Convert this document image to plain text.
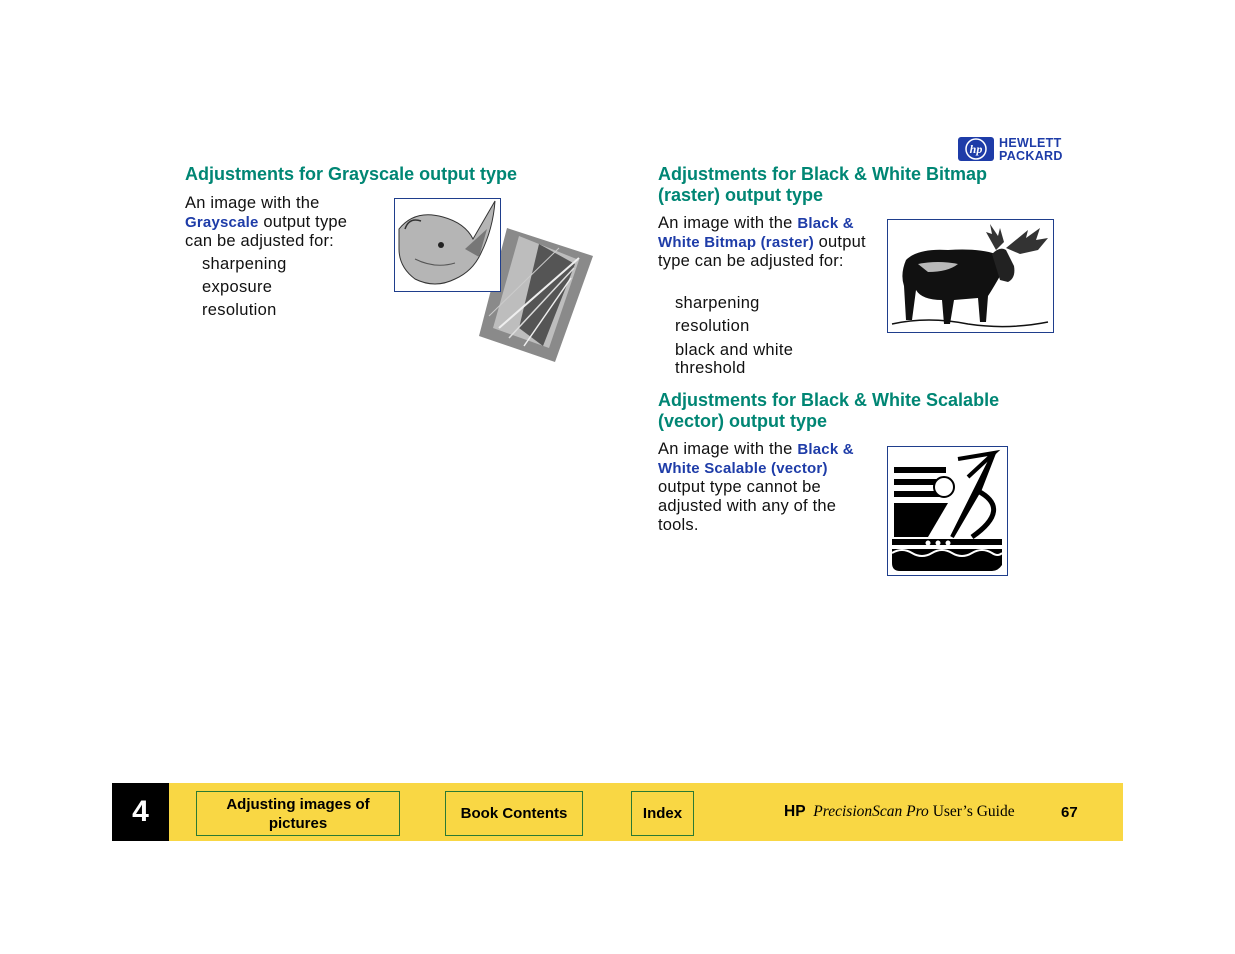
hp HEWLETT
PACKARD
Adjustments for Grayscale output type
An image with the Grayscale output type can be adjusted for:
sharpening
exposure
resolution
Adjustments for Black & White Bitmap
(raster) output type
An image with the Black & White Bitmap (raster) output type can be adjusted for:
sharpening
resolution
black and white threshold
Adjustments for Black & White Scalable
(vector) output type
An image with the Black & White Scalable (vector) output type cannot be adjusted with any of the tools.
4	Adjusting images of pictures
Book Contents	Index	HP PrecisionScan Pro User’s Guide	67
